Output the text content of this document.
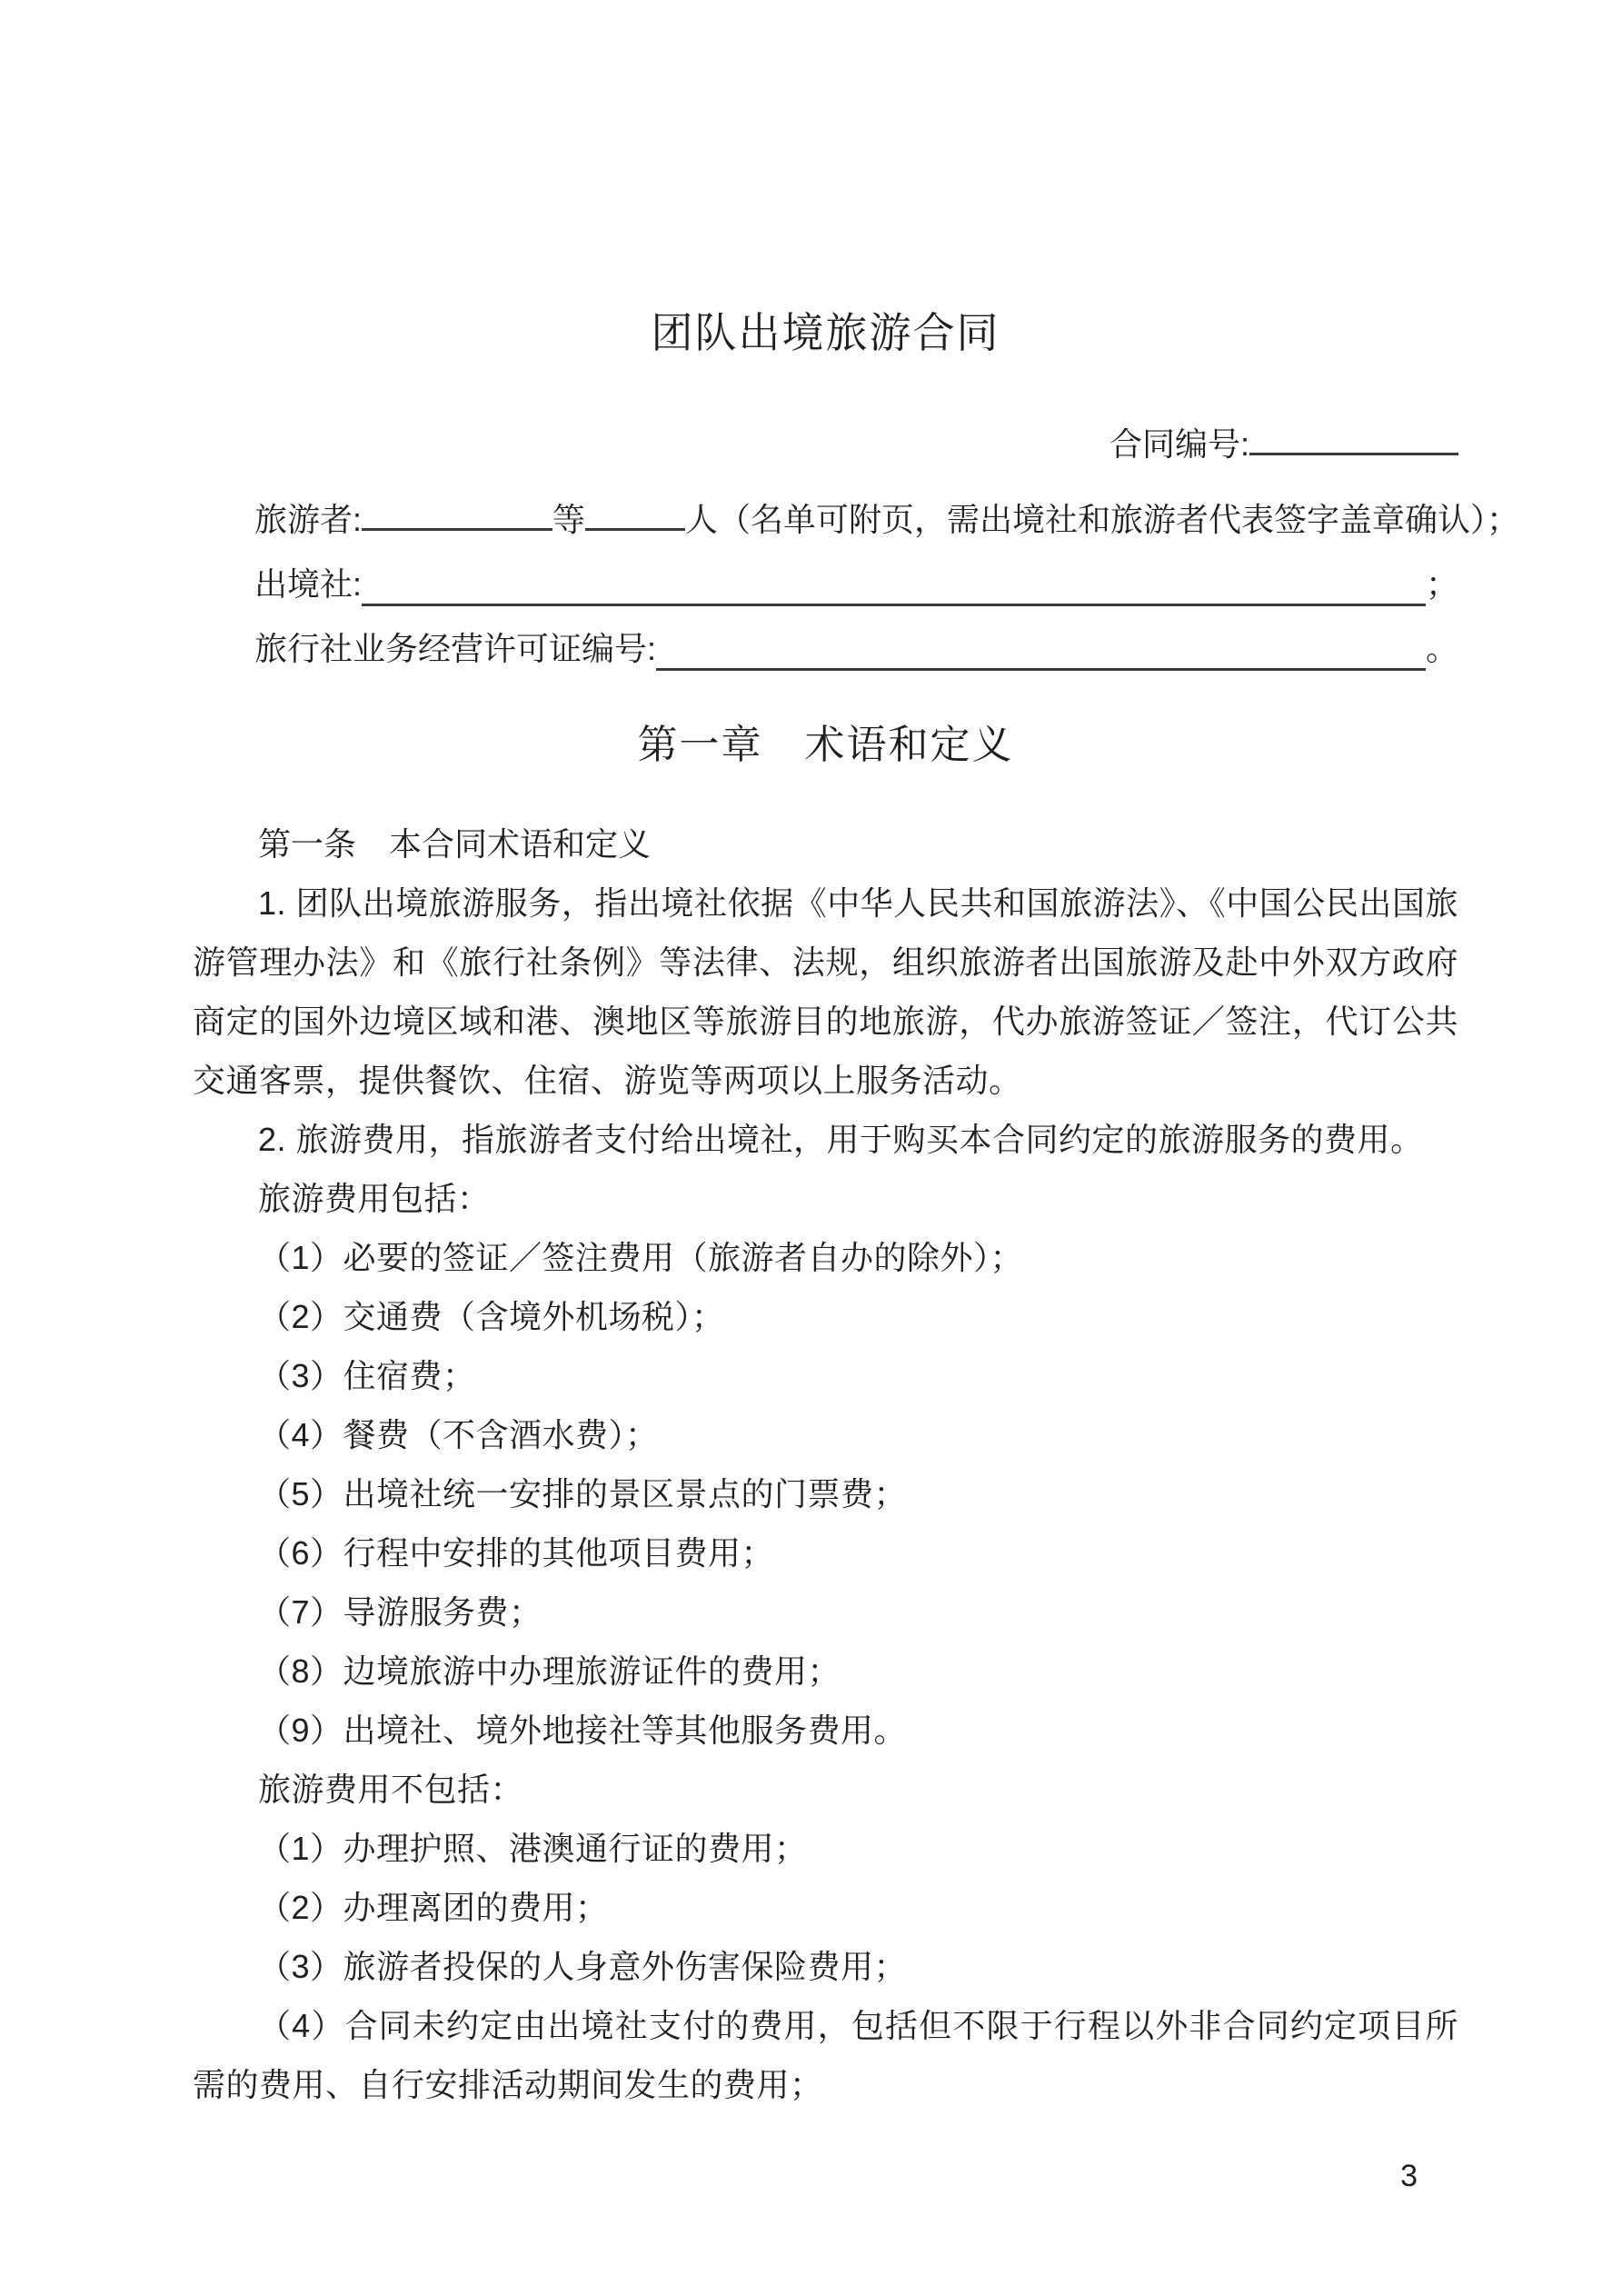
团队出境旅游合同
合同编号:
旅游者:	等	人（名单可附页，需出境社和旅游者代表签字盖章确认）；
出境社:	；
旅行社业务经营许可证编号:	。
第一章　术语和定义
第一条　本合同术语和定义

1. 团队出境旅游服务，指出境社依据《中华人民共和国旅游法》、《中国公民出国旅游管理办法》和《旅行社条例》等法律、法规，组织旅游者出国旅游及赴中外双方政府商定的国外边境区域和港、澳地区等旅游目的地旅游，代办旅游签证／签注，代订公共交通客票，提供餐饮、住宿、游览等两项以上服务活动。

2. 旅游费用，指旅游者支付给出境社，用于购买本合同约定的旅游服务的费用。

旅游费用包括：

（1）必要的签证／签注费用（旅游者自办的除外）；
（2）交通费（含境外机场税）；
（3）住宿费；
（4）餐费（不含酒水费）；
（5）出境社统一安排的景区景点的门票费；
（6）行程中安排的其他项目费用；
（7）导游服务费；
（8）边境旅游中办理旅游证件的费用；
（9）出境社、境外地接社等其他服务费用。

旅游费用不包括：

（1）办理护照、港澳通行证的费用；
（2）办理离团的费用；
（3）旅游者投保的人身意外伤害保险费用；
（4）合同未约定由出境社支付的费用，包括但不限于行程以外非合同约定项目所需的费用、自行安排活动期间发生的费用；
3
